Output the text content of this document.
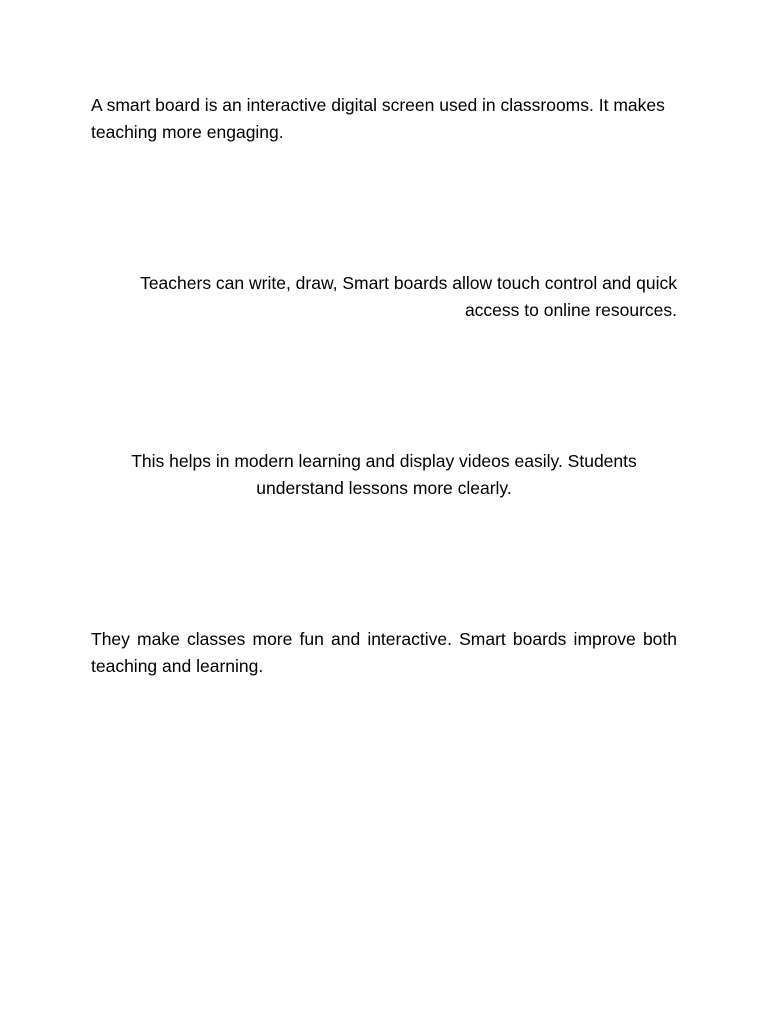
A smart board is an interactive digital screen used in classrooms. It makes teaching more engaging.

Teachers can write, draw, Smart boards allow touch control and quick access to online resources.

This helps in modern learning and display videos easily. Students understand lessons more clearly.

They make classes more fun and interactive. Smart boards improve both teaching and learning.
